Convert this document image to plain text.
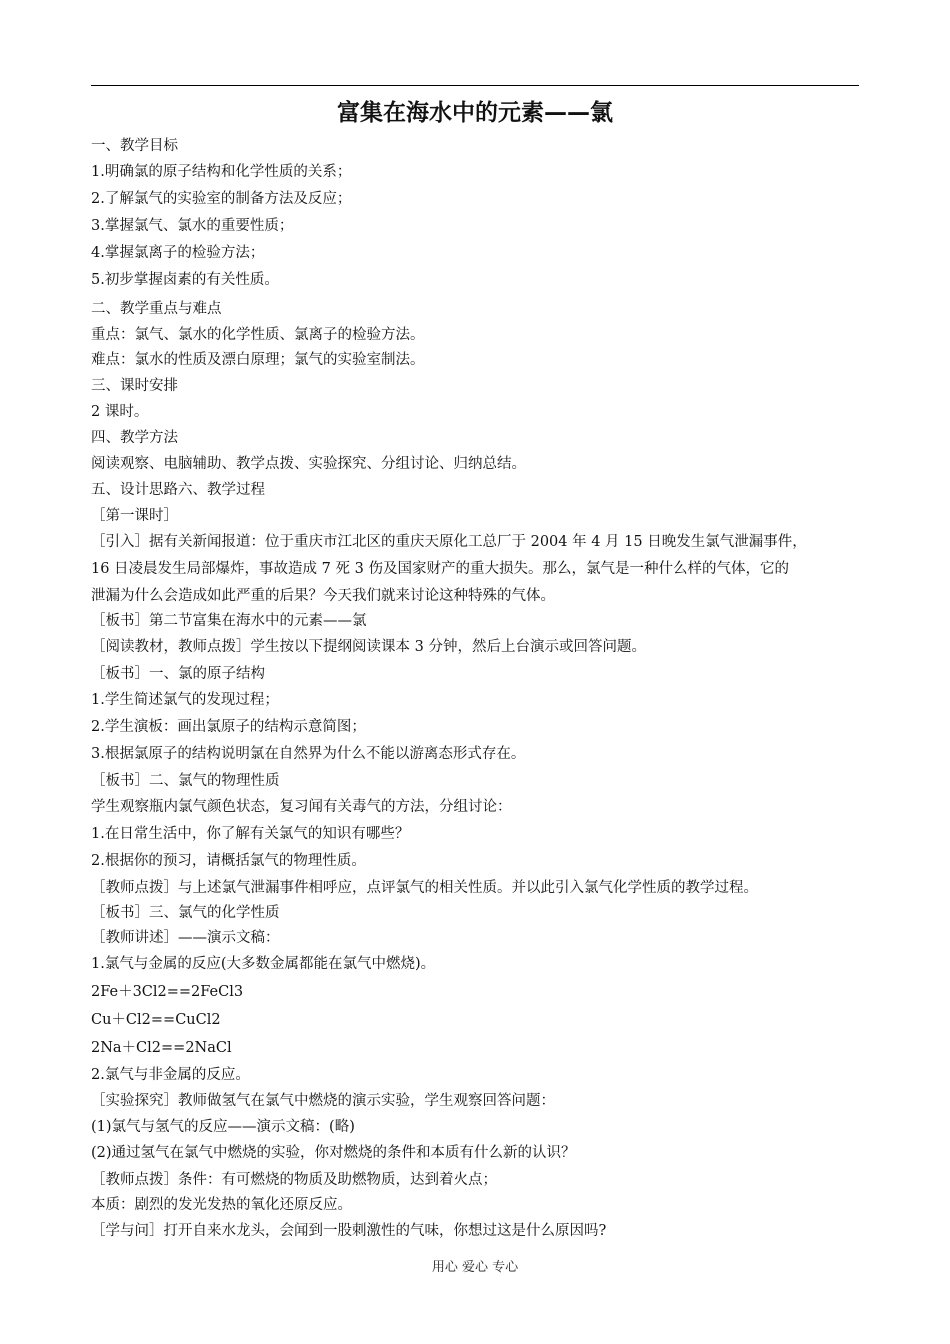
富集在海水中的元素——氯
一、教学目标
1.明确氯的原子结构和化学性质的关系；
2.了解氯气的实验室的制备方法及反应；
3.掌握氯气、氯水的重要性质；
4.掌握氯离子的检验方法；
5.初步掌握卤素的有关性质。
二、教学重点与难点
重点：氯气、氯水的化学性质、氯离子的检验方法。
难点：氯水的性质及漂白原理；氯气的实验室制法。
三、课时安排
2 课时。
四、教学方法
阅读观察、电脑辅助、教学点拨、实验探究、分组讨论、归纳总结。
五、设计思路六、教学过程
［第一课时］
［引入］据有关新闻报道：位于重庆市江北区的重庆天原化工总厂于 2004 年 4 月 15 日晚发生氯气泄漏事件，
16 日凌晨发生局部爆炸，事故造成 7 死 3 伤及国家财产的重大损失。那么，氯气是一种什么样的气体，它的
泄漏为什么会造成如此严重的后果？今天我们就来讨论这种特殊的气体。
［板书］第二节富集在海水中的元素——氯
［阅读教材，教师点拨］学生按以下提纲阅读课本 3 分钟，然后上台演示或回答问题。
［板书］一、氯的原子结构
1.学生简述氯气的发现过程；
2.学生演板：画出氯原子的结构示意简图；
3.根据氯原子的结构说明氯在自然界为什么不能以游离态形式存在。
［板书］二、氯气的物理性质
学生观察瓶内氯气颜色状态，复习闻有关毒气的方法，分组讨论：
1.在日常生活中，你了解有关氯气的知识有哪些？
2.根据你的预习，请概括氯气的物理性质。
［教师点拨］与上述氯气泄漏事件相呼应，点评氯气的相关性质。并以此引入氯气化学性质的教学过程。
［板书］三、氯气的化学性质
［教师讲述］——演示文稿：
1.氯气与金属的反应(大多数金属都能在氯气中燃烧)。
2Fe＋3Cl2==2FeCl3
Cu＋Cl2==CuCl2
2Na＋Cl2==2NaCl
2.氯气与非金属的反应。
［实验探究］教师做氢气在氯气中燃烧的演示实验，学生观察回答问题：
(1)氯气与氢气的反应——演示文稿：(略)
(2)通过氢气在氯气中燃烧的实验，你对燃烧的条件和本质有什么新的认识？
［教师点拨］条件：有可燃烧的物质及助燃物质，达到着火点；
本质：剧烈的发光发热的氧化还原反应。
［学与问］打开自来水龙头，会闻到一股刺激性的气味，你想过这是什么原因吗?
用心 爱心 专心
